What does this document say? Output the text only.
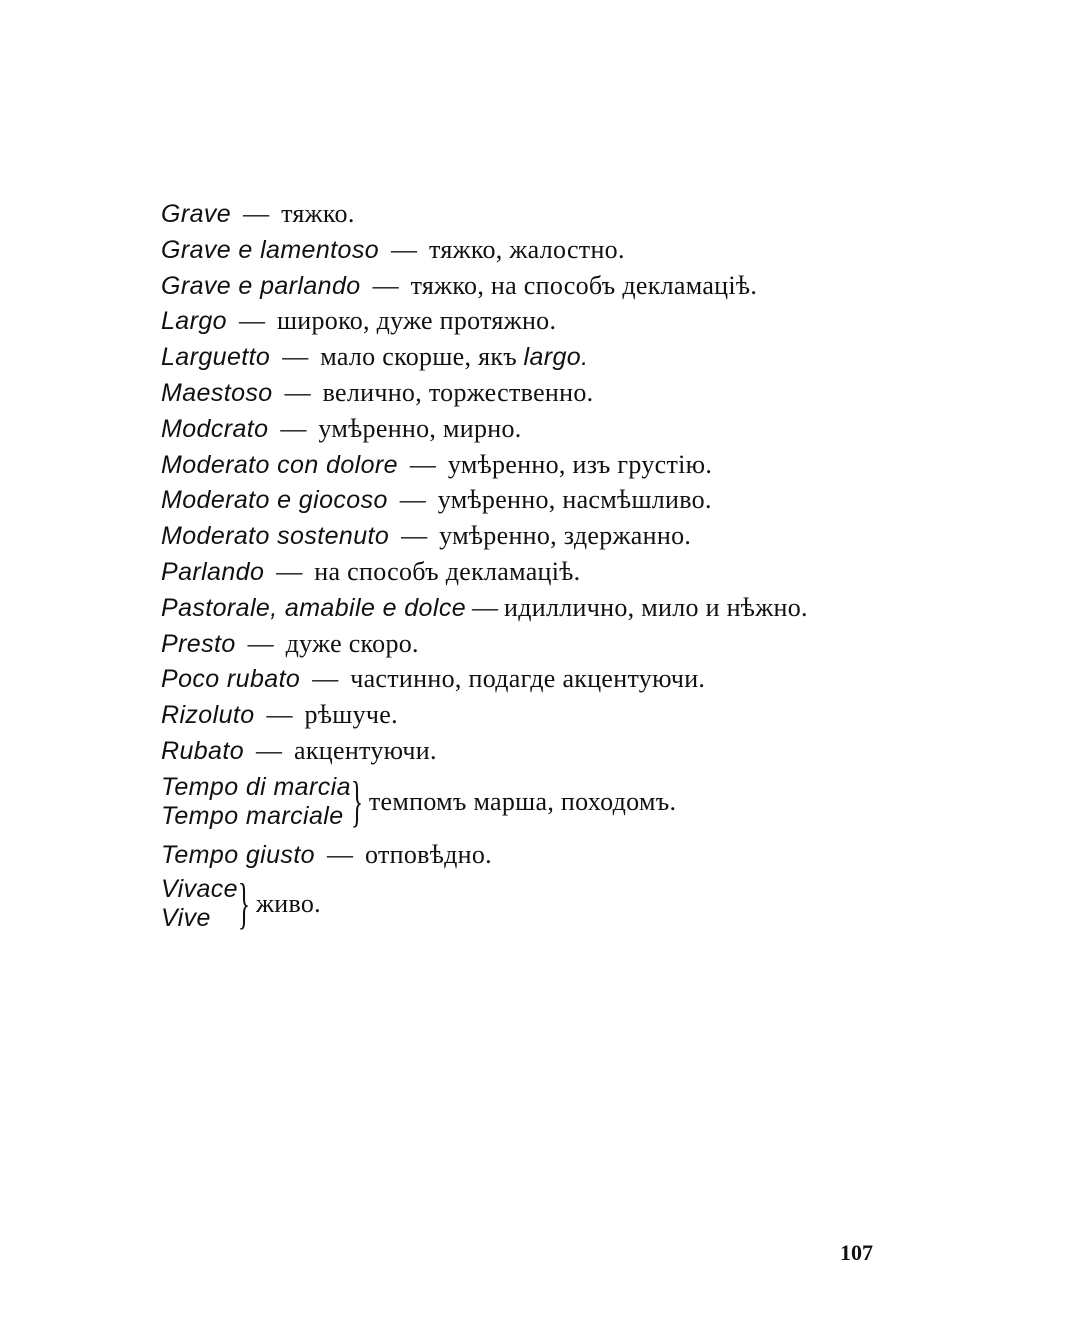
Grave — тяжко.
Grave e lamentoso — тяжко, жалостно.
Grave e parlando — тяжко, на способъ декламаціѣ.
Largo — широко, дуже протяжно.
Larguetto — мало скорше, якъ largo.
Maestoso — велично, торжественно.
Modcrato — умѣренно, мирно.
Moderato con dolore — умѣренно, изъ грустію.
Moderato e giocoso — умѣренно, насмѣшливо.
Moderato sostenuto — умѣренно, здержанно.
Parlando — на способъ декламаціѣ.
Pastorale, amabile e dolce — идиллично, мило и нѣжно.
Presto — дуже скоро.
Poco rubato — частинно, подагде акцентуючи.
Rizoluto — рѣшуче.
Rubato — акцентуючи.
Tempo di marcia
Tempo marciale } темпомъ марша, походомъ.
Tempo giusto — отповѣдно.
Vivace
Vive } живо.
107
